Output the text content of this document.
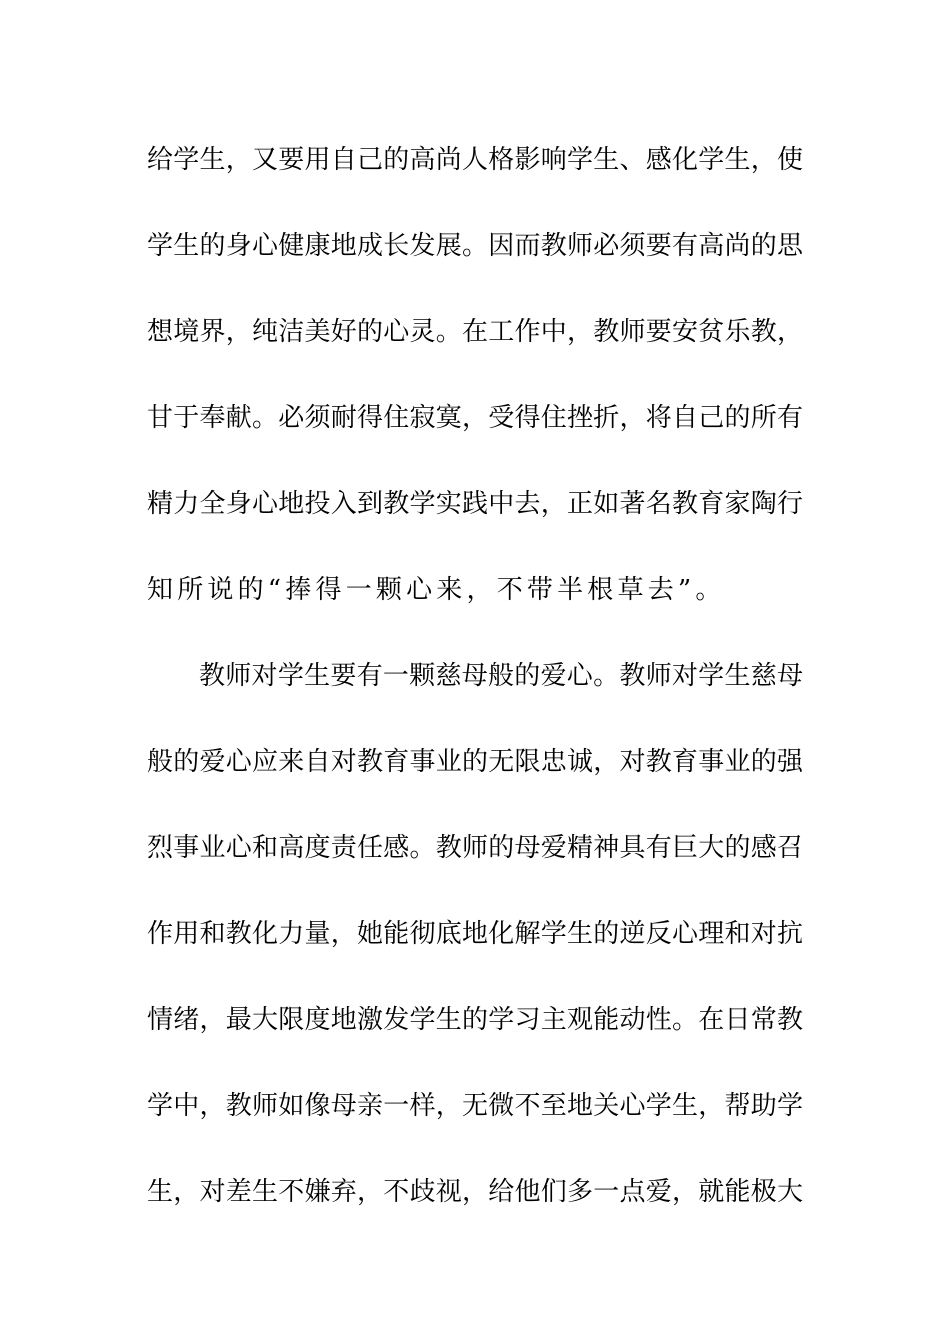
给学生，又要用自己的高尚人格影响学生、感化学生，使
学生的身心健康地成长发展。因而教师必须要有高尚的思
想境界，纯洁美好的心灵。在工作中，教师要安贫乐教，
甘于奉献。必须耐得住寂寞，受得住挫折，将自己的所有
精力全身心地投入到教学实践中去，正如著名教育家陶行
知所说的“捧得一颗心来，不带半根草去”。
教师对学生要有一颗慈母般的爱心。教师对学生慈母
般的爱心应来自对教育事业的无限忠诚，对教育事业的强
烈事业心和高度责任感。教师的母爱精神具有巨大的感召
作用和教化力量，她能彻底地化解学生的逆反心理和对抗
情绪，最大限度地激发学生的学习主观能动性。在日常教
学中，教师如像母亲一样，无微不至地关心学生，帮助学
生，对差生不嫌弃，不歧视，给他们多一点爱，就能极大
